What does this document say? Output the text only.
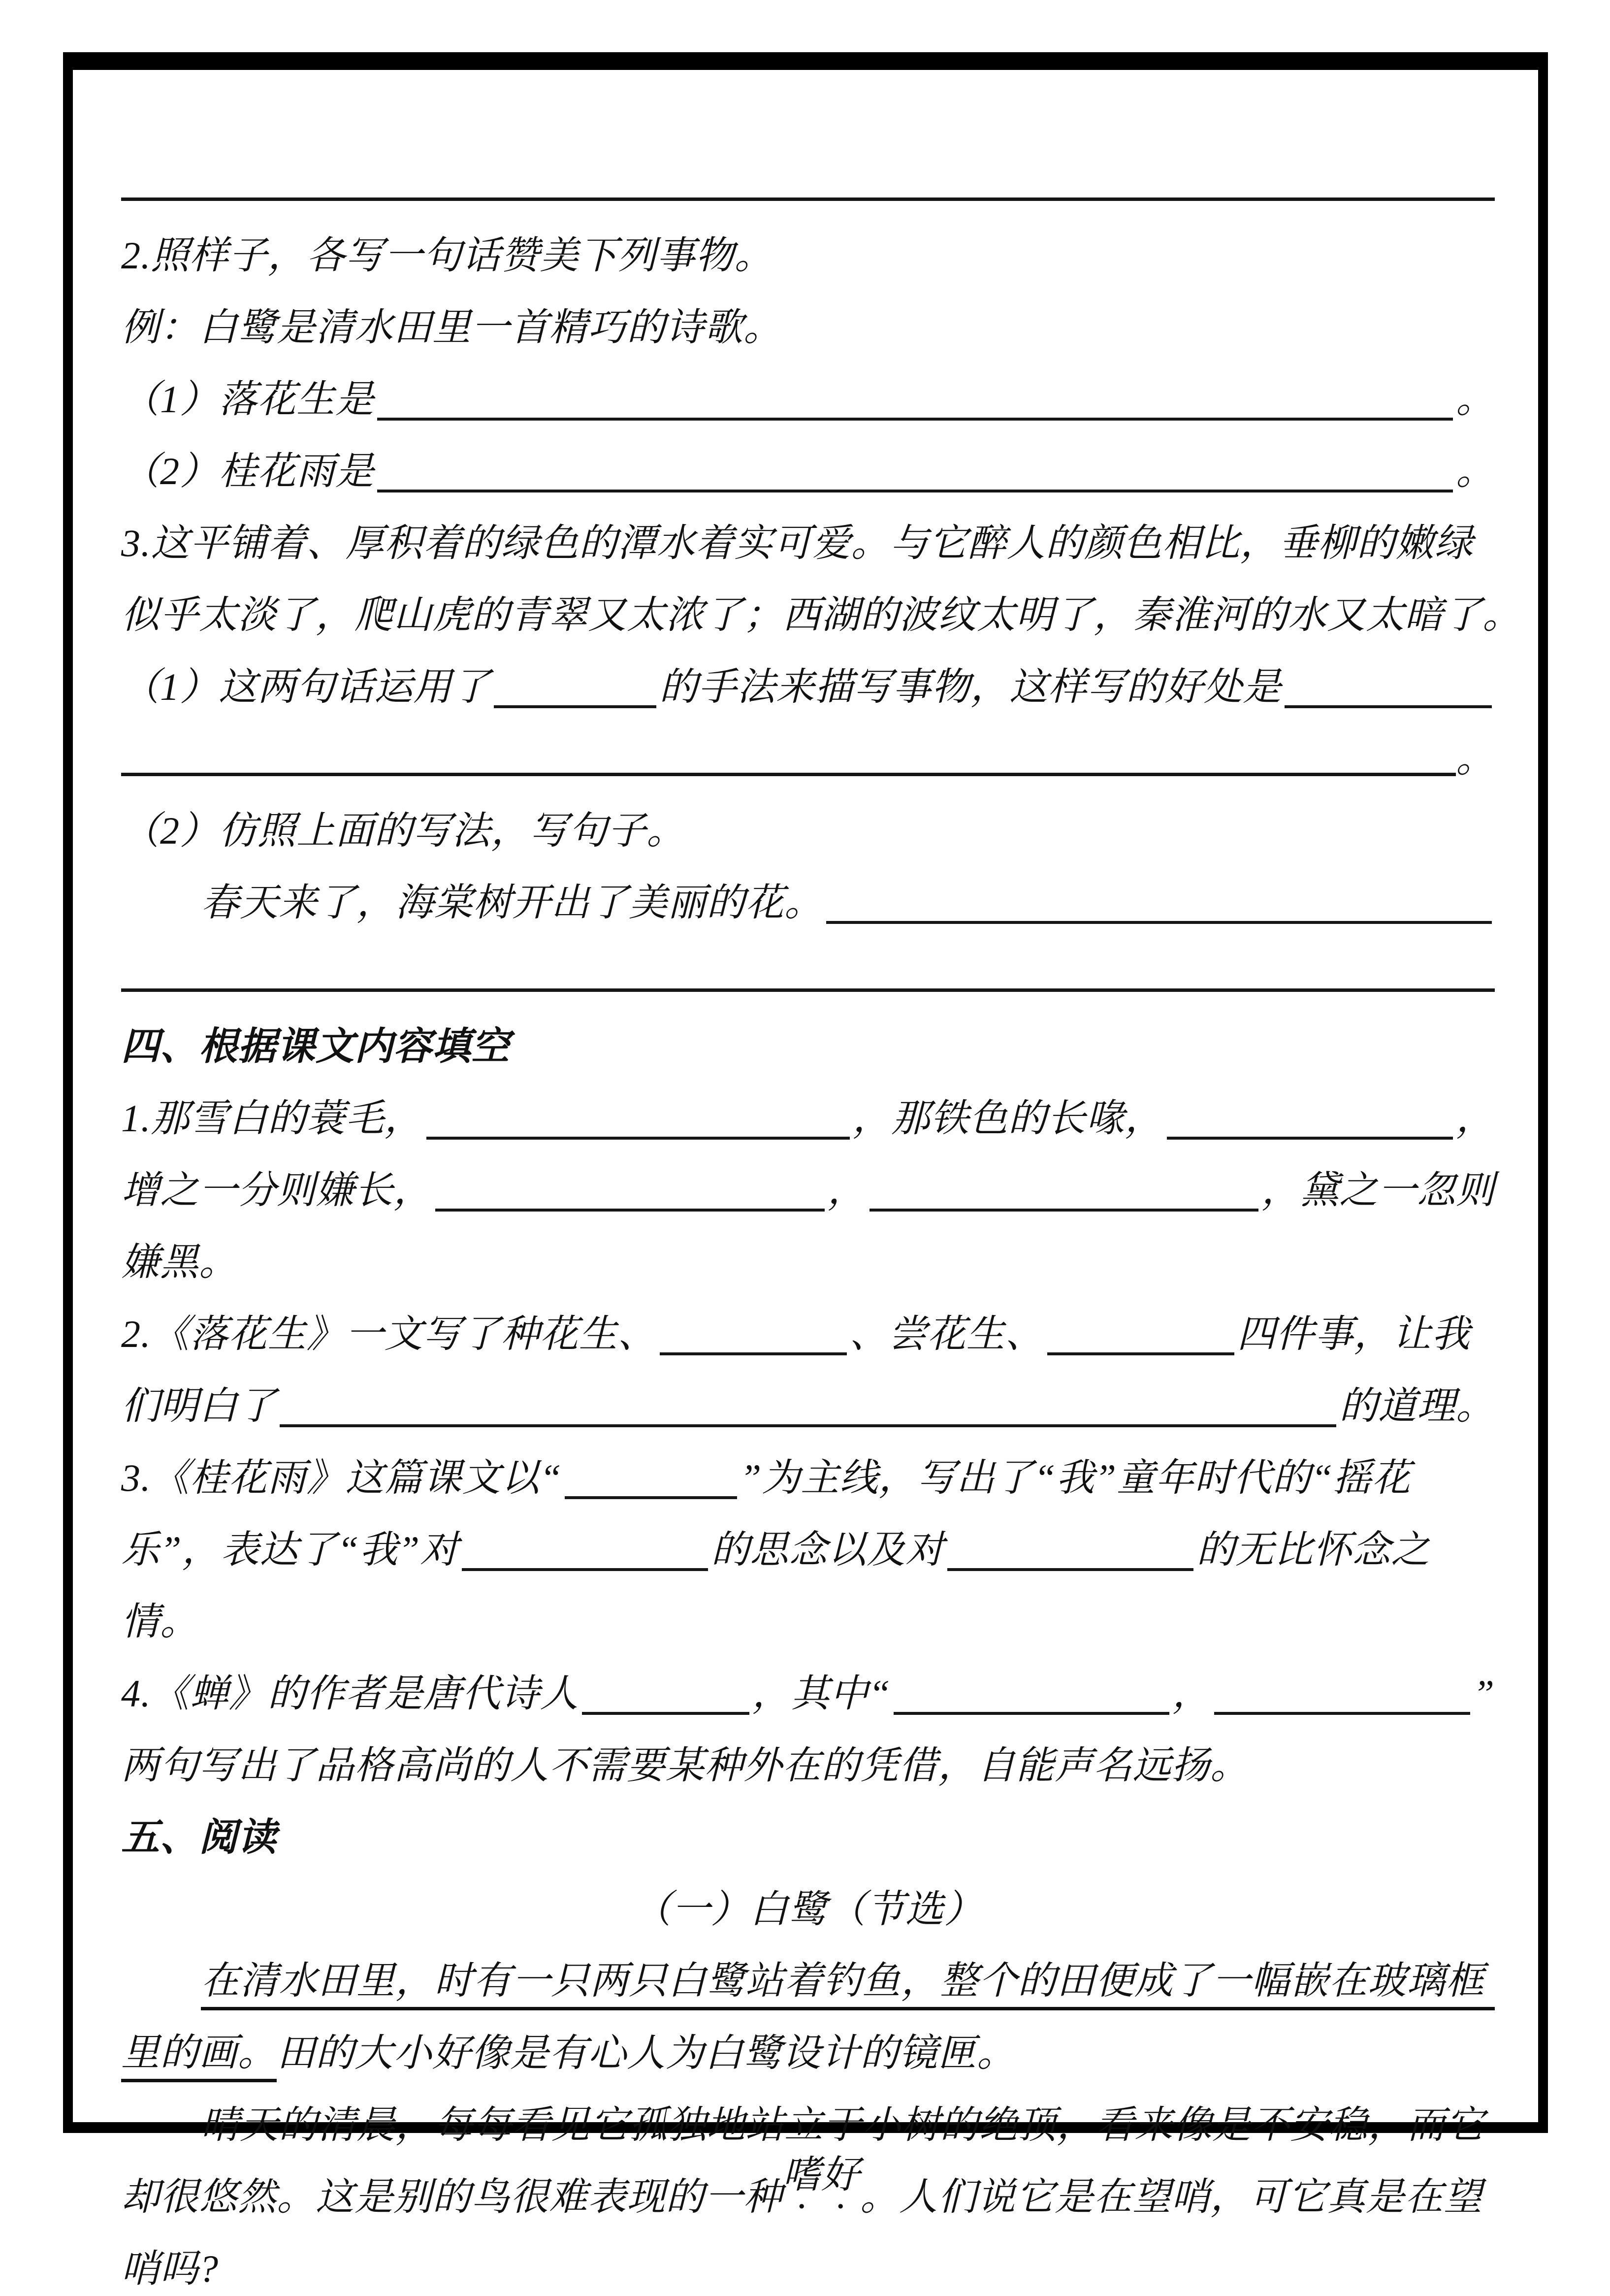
2.照样子，各写一句话赞美下列事物。
例：白鹭是清水田里一首精巧的诗歌。
（1）落花生是	。
（2）桂花雨是	。
3.这平铺着、厚积着的绿色的潭水着实可爱。与它醉人的颜色相比，垂柳的嫩绿
似乎太淡了，爬山虎的青翠又太浓了；西湖的波纹太明了，秦淮河的水又太暗了。
（1）这两句话运用了	的手法来描写事物，这样写的好处是
。
（2）仿照上面的写法，写句子。
春天来了，海棠树开出了美丽的花。
四、根据课文内容填空
1.那雪白的蓑毛，	，那铁色的长喙，	，
增之一分则嫌长，	，	，黛之一忽则
嫌黑。
2.《落花生》一文写了种花生、	、尝花生、	四件事，让我
们明白了	的道理。
3.《桂花雨》这篇课文以“	”为主线，写出了“我”童年时代的“摇花
乐”，表达了“我”对	的思念以及对	的无比怀念之
情。
4.《蝉》的作者是唐代诗人	，其中“	，	”
两句写出了品格高尚的人不需要某种外在的凭借，自能声名远扬。
五、阅读
（一）白鹭（节选）
在清水田里，时有一只两只白鹭站着钓鱼，整个的田便成了一幅嵌在玻璃框
里的画。 田的大小好像是有心人为白鹭设计的镜匣。
晴天的清晨，每每看见它孤独地站立于小树的绝顶，看来像是不安稳，而它
却很悠然。这是别的鸟很难表现的一种
嗜好
。人们说它是在望哨，可它真是在望
哨吗?
